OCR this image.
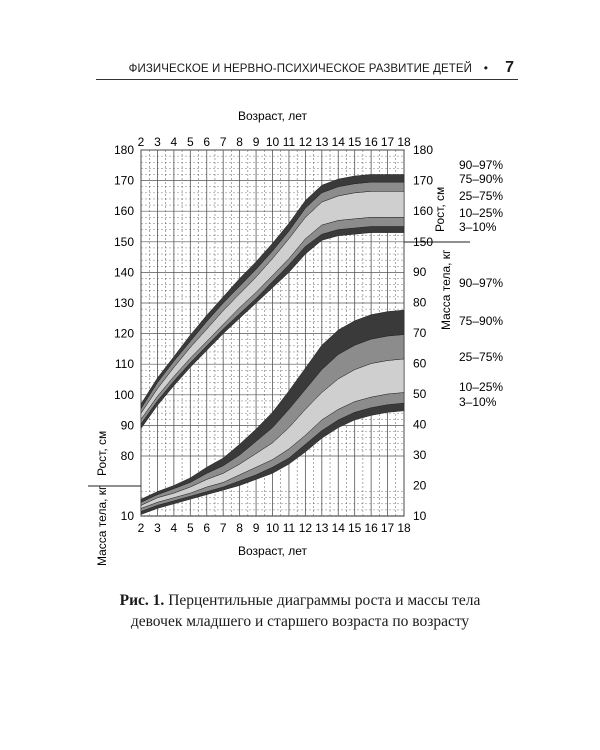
ФИЗИЧЕСКОЕ И НЕРВНО-ПСИХИЧЕСКОЕ РАЗВИТИЕ ДЕТЕЙ • 7
2
2
3
3
4
4
5
5
6
6
7
7
8
8
9
9
10
10
11
11
12
12
13
13
14
14
15
15
16
16
17
17
18
18
Возраст, лет
Возраст, лет
10
80
90
100
110
120
130
140
150
160
170
180
150
160
170
180
10
20
30
40
50
60
70
80
90
Рост, см
Масса тела, кг
Рост, см
Масса тела, кг
90–97%
75–90%
25–75%
10–25%
3–10%
90–97%
75–90%
25–75%
10–25%
3–10%
Рис. 1. Перцентильные диаграммы роста и массы тела
девочек младшего и старшего возраста по возрасту
